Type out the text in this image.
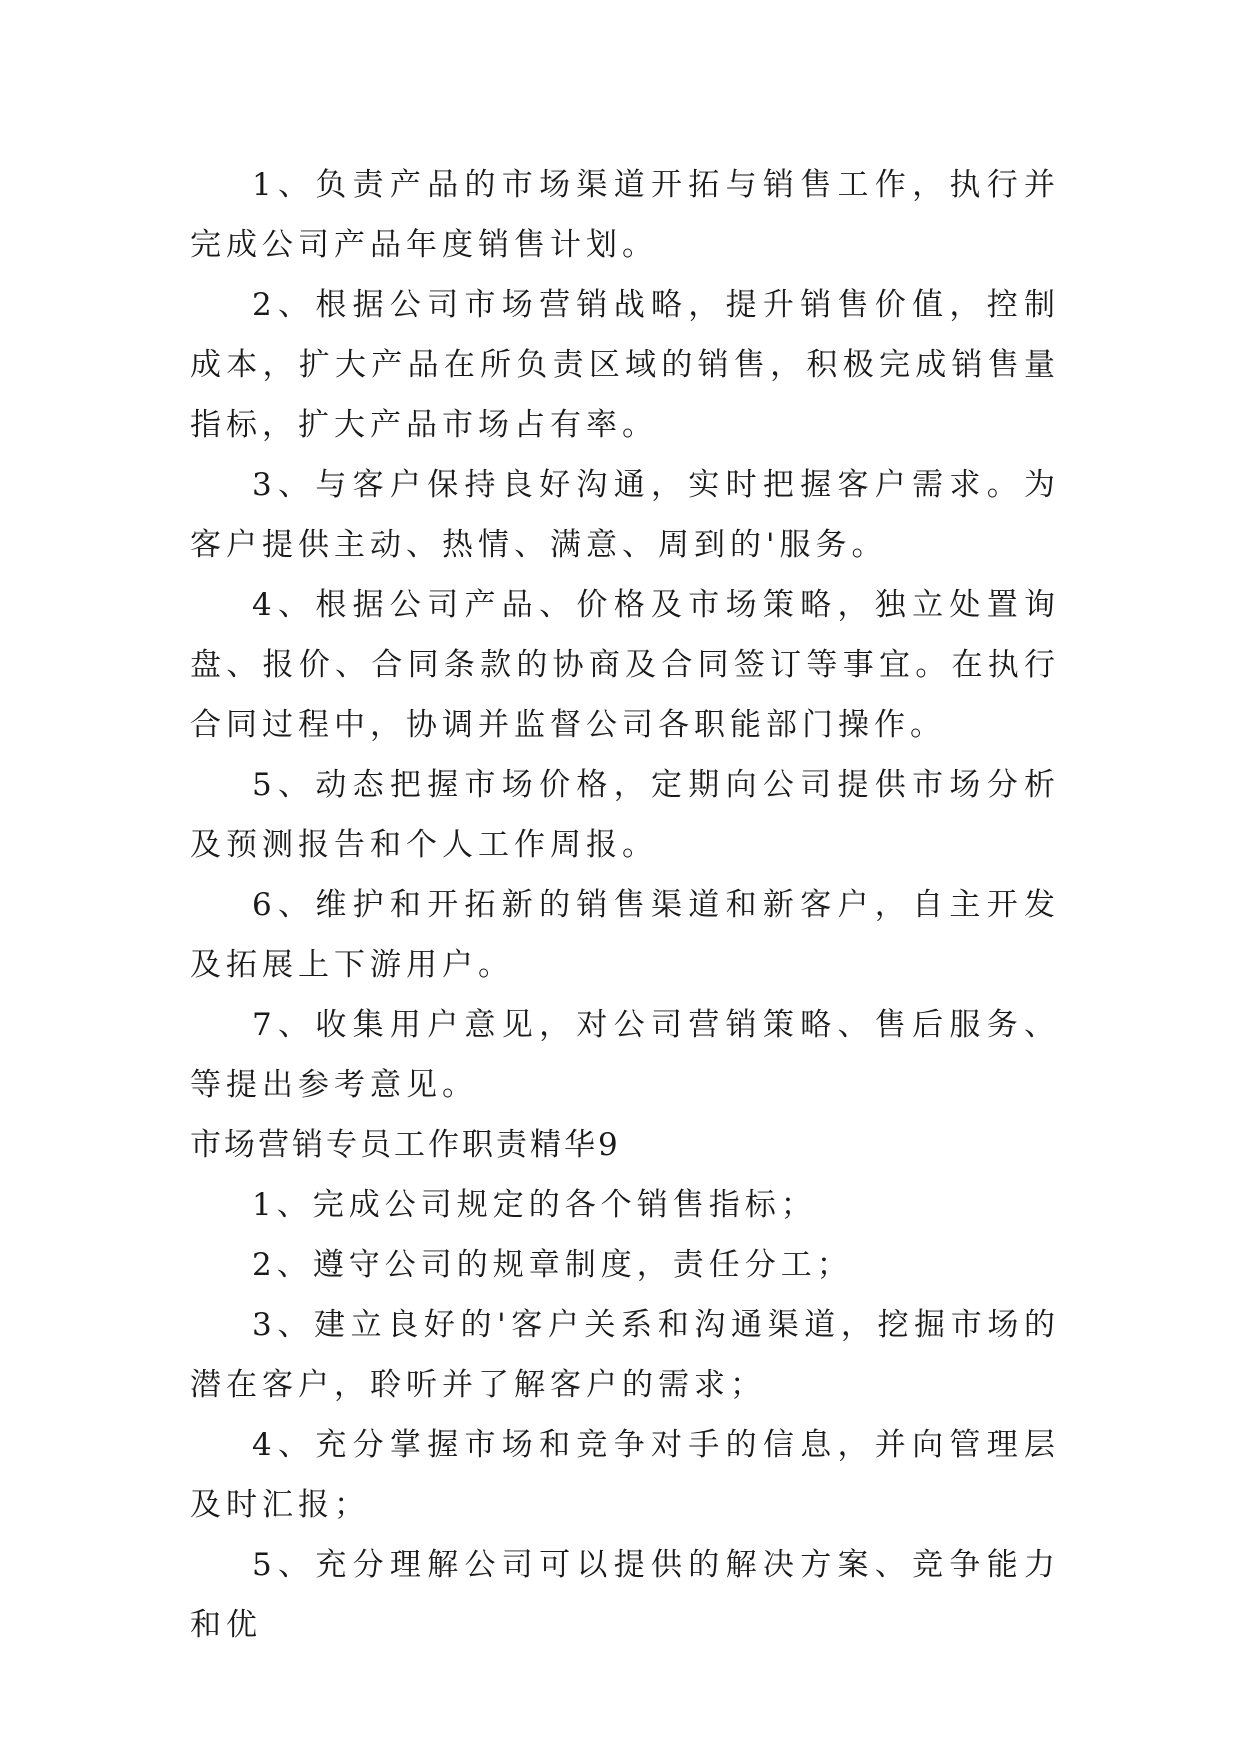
1、负责产品的市场渠道开拓与销售工作，执行并完成公司产品年度销售计划。

2、根据公司市场营销战略，提升销售价值，控制成本，扩大产品在所负责区域的销售，积极完成销售量指标，扩大产品市场占有率。

3、与客户保持良好沟通，实时把握客户需求。为客户提供主动、热情、满意、周到的'服务。

4、根据公司产品、价格及市场策略，独立处置询盘、报价、合同条款的协商及合同签订等事宜。在执行合同过程中，协调并监督公司各职能部门操作。

5、动态把握市场价格，定期向公司提供市场分析及预测报告和个人工作周报。

6、维护和开拓新的销售渠道和新客户，自主开发及拓展上下游用户。

7、收集用户意见，对公司营销策略、售后服务、等提出参考意见。

市场营销专员工作职责精华9

1、完成公司规定的各个销售指标；

2、遵守公司的规章制度，责任分工；

3、建立良好的'客户关系和沟通渠道，挖掘市场的潜在客户，聆听并了解客户的需求；

4、充分掌握市场和竞争对手的信息，并向管理层及时汇报；

5、充分理解公司可以提供的解决方案、竞争能力和优
